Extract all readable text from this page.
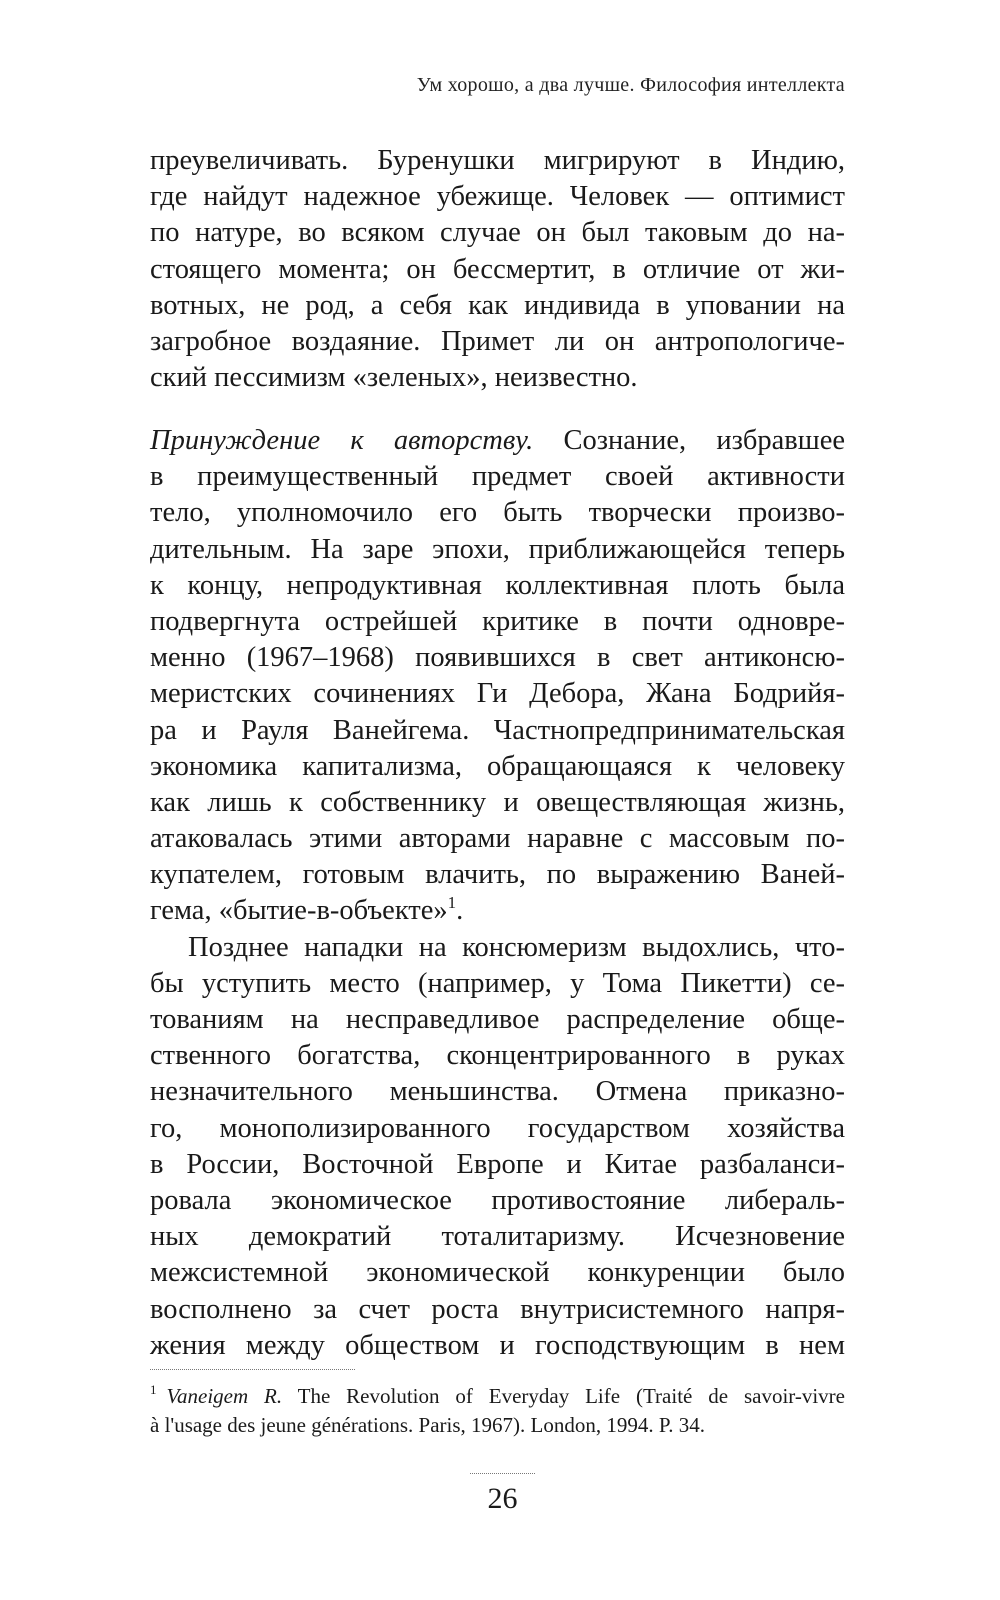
Ум хорошо, а два лучше. Философия интеллекта
преувеличивать. Буренушки мигрируют в Индию,
где найдут надежное убежище. Человек — оптимист
по натуре, во всяком случае он был таковым до на-
стоящего момента; он бессмертит, в отличие от жи-
вотных, не род, а себя как индивида в уповании на
загробное воздаяние. Примет ли он антропологиче-
ский пессимизм «зеленых», неизвестно.
Принуждение к авторству. Сознание, избравшее
в преимущественный предмет своей активности
тело, уполномочило его быть творчески произво-
дительным. На заре эпохи, приближающейся теперь
к концу, непродуктивная коллективная плоть была
подвергнута острейшей критике в почти одновре-
менно (1967–1968) появившихся в свет антиконсю-
меристских сочинениях Ги Дебора, Жана Бодрийя-
ра и Рауля Ванейгема. Частнопредпринимательская
экономика капитализма, обращающаяся к человеку
как лишь к собственнику и овеществляющая жизнь,
атаковалась этими авторами наравне с массовым по-
купателем, готовым влачить, по выражению Ваней-
гема, «бытие-в-объекте»$^1$.
Позднее нападки на консюмеризм выдохлись, что-
бы уступить место (например, у Тома Пикетти) се-
тованиям на несправедливое распределение обще-
ственного богатства, сконцентрированного в руках
незначительного меньшинства. Отмена приказно-
го, монополизированного государством хозяйства
в России, Восточной Европе и Китае разбаланси-
ровала экономическое противостояние либераль-
ных демократий тоталитаризму. Исчезновение
межсистемной экономической конкуренции было
восполнено за счет роста внутрисистемного напря-
жения между обществом и господствующим в нем
$^1$ Vaneigem R. The Revolution of Everyday Life (Traité de savoir-vivre
à l'usage des jeune générations. Paris, 1967). London, 1994. P. 34.
26
